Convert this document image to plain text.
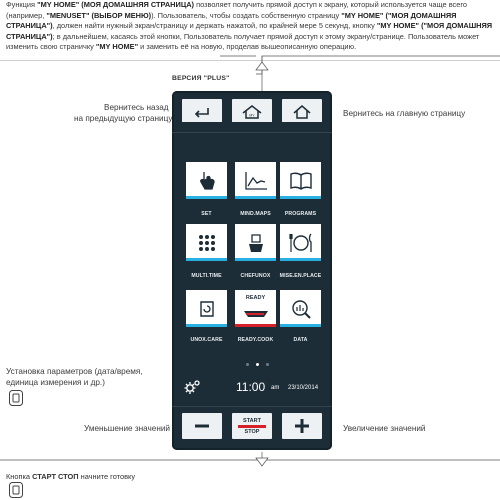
Функция "MY HOME" (МОЯ ДОМАШНЯЯ СТРАНИЦА) позволяет получить прямой доступ к экрану, который используется чаще всего (например, "MENUSET" (ВЫБОР МЕНЮ)). Пользователь, чтобы создать собственную страницу "MY HOME" ("МОЯ ДОМАШНЯЯ СТРАНИЦА"), должен найти нужный экран/страницу и держать нажатой, по крайней мере 5 секунд, кнопку "MY HOME" ("МОЯ ДОМАШНЯЯ СТРАНИЦА"); в дальнейшем, касаясь этой кнопки, Пользователь получает прямой доступ к этому экрану/странице. Пользователь может изменить свою страничку "MY HOME" и заменить её на новую, проделав вышеописанную операцию.
ВЕРСИЯ "PLUS"
Вернитесь назад
на предыдущую страницу
Вернитесь на главную страницу
Установка параметров (дата/время,
единица измерения и др.)
Уменьшение значений	Увеличение значений
MY
SET	MIND.MAPS	PROGRAMS
MULTI.TIME	CHEFUNOX	MISE.EN.PLACE
READY
UNOX.CARE	READY.COOK	DATA
11:00 am 23/10/2014
START
STOP
Кнопка СТАРТ СТОП начните готовку
